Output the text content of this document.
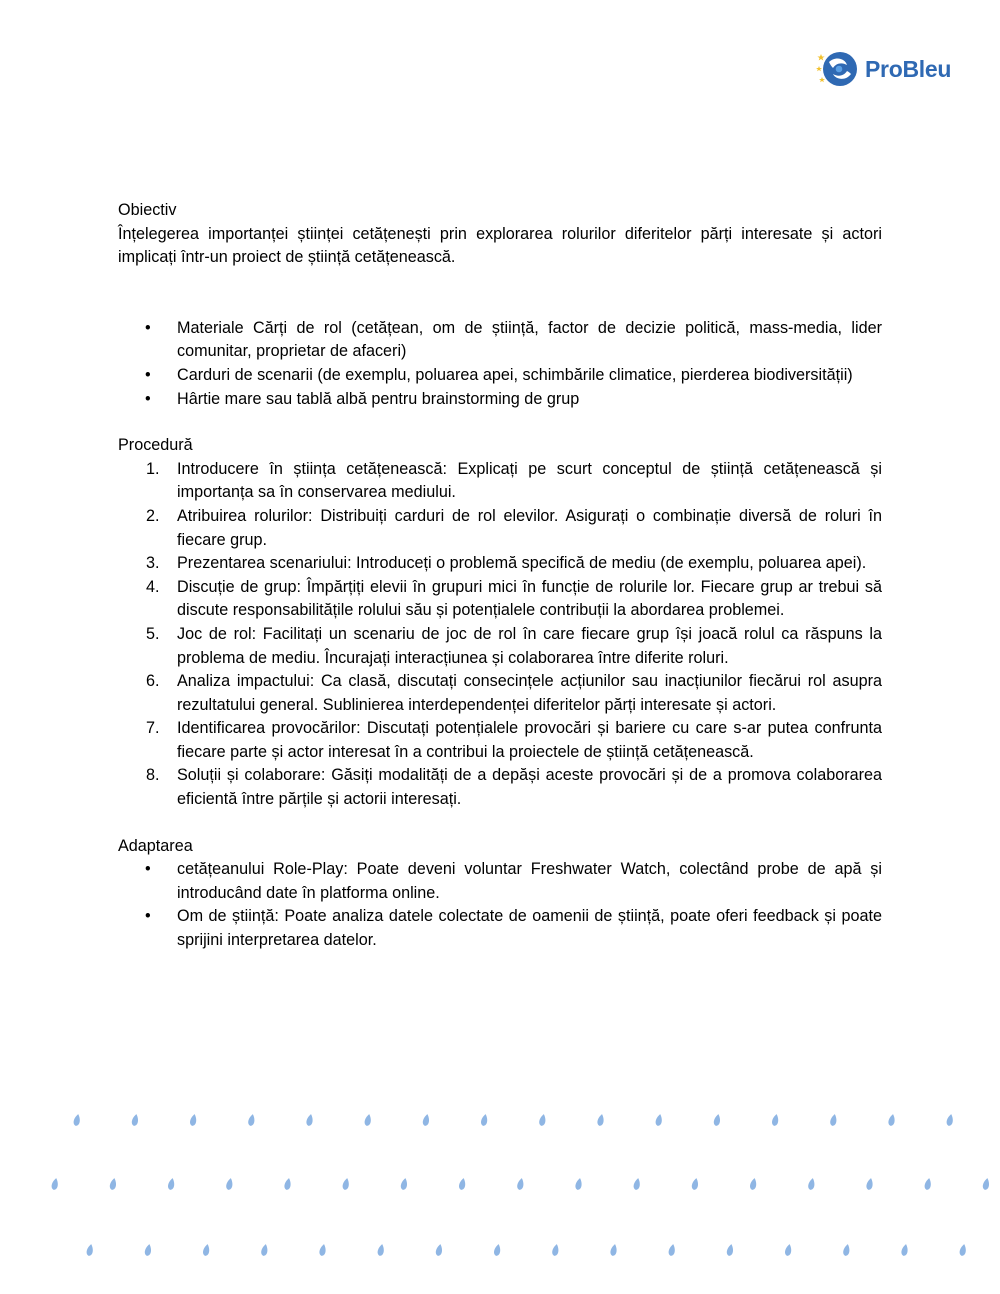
ProBleu

Obiectiv

Înțelegerea importanței științei cetățenești prin explorarea rolurilor diferitelor părți interesate și actori implicați într-un proiect de știință cetățenească.

• Materiale Cărți de rol (cetățean, om de știință, factor de decizie politică, mass-media, lider comunitar, proprietar de afaceri)
• Carduri de scenarii (de exemplu, poluarea apei, schimbările climatice, pierderea biodiversității)
• Hârtie mare sau tablă albă pentru brainstorming de grup

Procedură

1. Introducere în știința cetățenească: Explicați pe scurt conceptul de știință cetățenească și importanța sa în conservarea mediului.
2. Atribuirea rolurilor: Distribuiți carduri de rol elevilor. Asigurați o combinație diversă de roluri în fiecare grup.
3. Prezentarea scenariului: Introduceți o problemă specifică de mediu (de exemplu, poluarea apei).
4. Discuție de grup: Împărțiți elevii în grupuri mici în funcție de rolurile lor. Fiecare grup ar trebui să discute responsabilitățile rolului său și potențialele contribuții la abordarea problemei.
5. Joc de rol: Facilitați un scenariu de joc de rol în care fiecare grup își joacă rolul ca răspuns la problema de mediu. Încurajați interacțiunea și colaborarea între diferite roluri.
6. Analiza impactului: Ca clasă, discutați consecințele acțiunilor sau inacțiunilor fiecărui rol asupra rezultatului general. Sublinierea interdependenței diferitelor părți interesate și actori.
7. Identificarea provocărilor: Discutați potențialele provocări și bariere cu care s-ar putea confrunta fiecare parte și actor interesat în a contribui la proiectele de știință cetățenească.
8. Soluții și colaborare: Găsiți modalități de a depăși aceste provocări și de a promova colaborarea eficientă între părțile și actorii interesați.

Adaptarea

• cetățeanului Role-Play: Poate deveni voluntar Freshwater Watch, colectând probe de apă și introducând date în platforma online.
• Om de știință: Poate analiza datele colectate de oamenii de știință, poate oferi feedback și poate sprijini interpretarea datelor.
